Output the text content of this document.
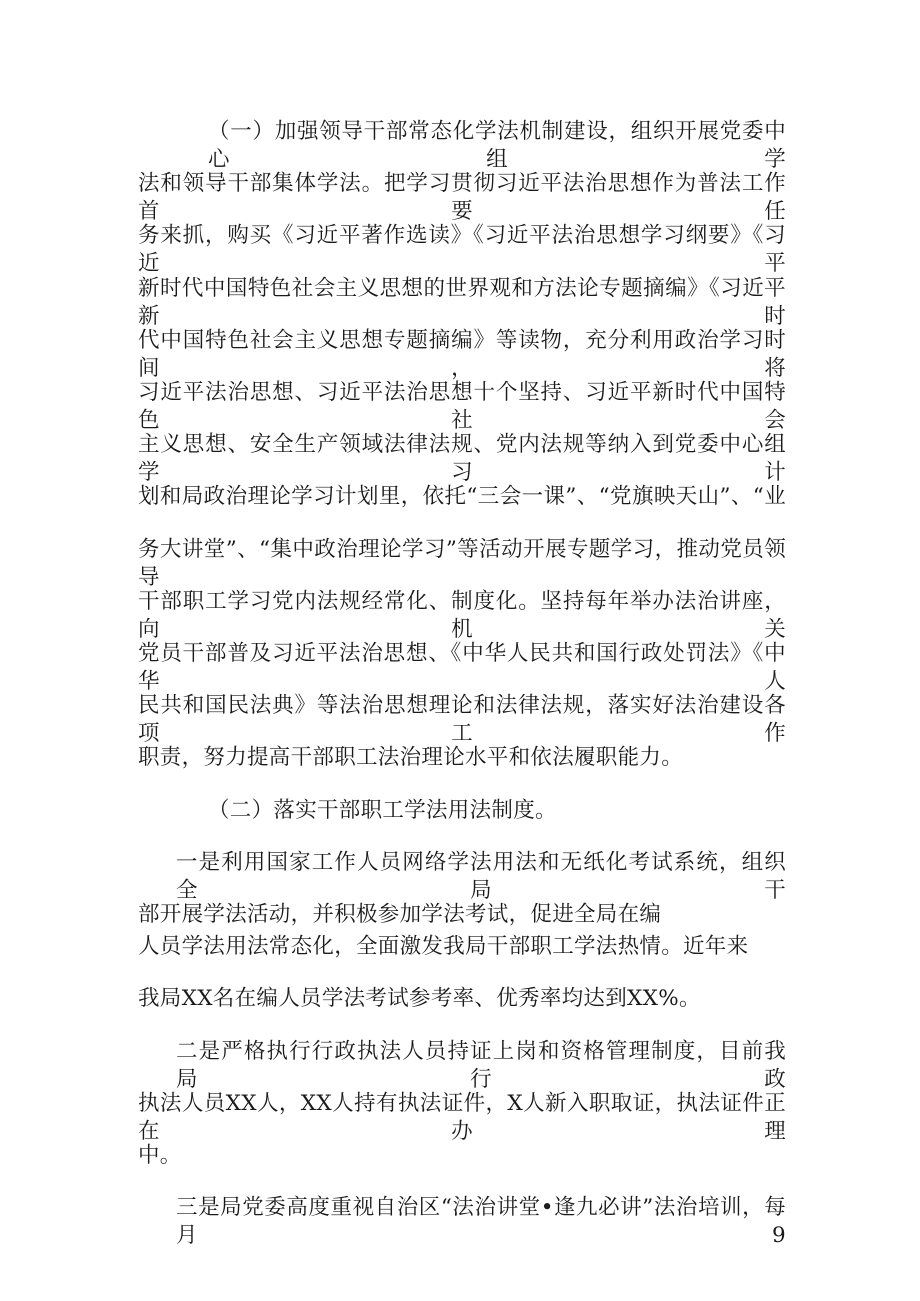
（一）加强领导干部常态化学法机制建设，组织开展党委中心组学
法和领导干部集体学法。把学习贯彻习近平法治思想作为普法工作首要任
务来抓，购买《习近平著作选读》《习近平法治思想学习纲要》《习近平
新时代中国特色社会主义思想的世界观和方法论专题摘编》《习近平新时
代中国特色社会主义思想专题摘编》等读物，充分利用政治学习时间，将
习近平法治思想、习近平法治思想十个坚持、习近平新时代中国特色社会
主义思想、安全生产领域法律法规、党内法规等纳入到党委中心组学习计
划和局政治理论学习计划里，依托“三会一课”、“党旗映天山”、“业
务大讲堂”、“集中政治理论学习”等活动开展专题学习，推动党员领导
干部职工学习党内法规经常化、制度化。坚持每年举办法治讲座，向机关
党员干部普及习近平法治思想、《中华人民共和国行政处罚法》《中华人
民共和国民法典》等法治思想理论和法律法规，落实好法治建设各项工作
职责，努力提高干部职工法治理论水平和依法履职能力。
（二）落实干部职工学法用法制度。
一是利用国家工作人员网络学法用法和无纸化考试系统，组织全局干
部开展学法活动，并积极参加学法考试，促进全局在编
人员学法用法常态化，全面激发我局干部职工学法热情。近年来
我局XX名在编人员学法考试参考率、优秀率均达到XX%。
二是严格执行行政执法人员持证上岗和资格管理制度，目前我局行政
执法人员XX人，XX人持有执法证件，X人新入职取证，执法证件正在办理
中。
三是局党委高度重视自治区“法治讲堂•逢九必讲”法治培训，每月9
